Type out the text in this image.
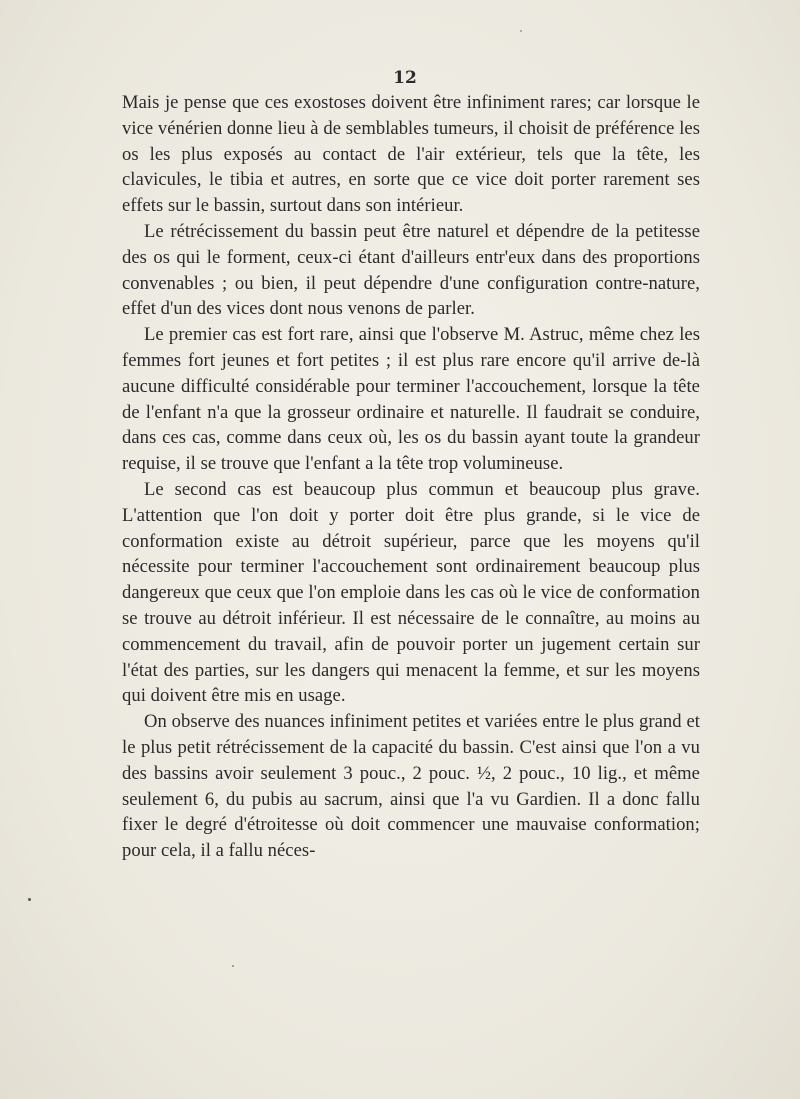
12

Mais je pense que ces exostoses doivent être infiniment rares; car lorsque le vice vénérien donne lieu à de semblables tumeurs, il choisit de préférence les os les plus exposés au contact de l'air extérieur, tels que la tête, les clavicules, le tibia et autres, en sorte que ce vice doit porter rarement ses effets sur le bassin, surtout dans son intérieur.

Le rétrécissement du bassin peut être naturel et dépendre de la petitesse des os qui le forment, ceux-ci étant d'ailleurs entr'eux dans des proportions convenables ; ou bien, il peut dépendre d'une configuration contre-nature, effet d'un des vices dont nous venons de parler.

Le premier cas est fort rare, ainsi que l'observe M. Astruc, même chez les femmes fort jeunes et fort petites ; il est plus rare encore qu'il arrive de-là aucune difficulté considérable pour terminer l'accouchement, lorsque la tête de l'enfant n'a que la grosseur ordinaire et naturelle. Il faudrait se conduire, dans ces cas, comme dans ceux où, les os du bassin ayant toute la grandeur requise, il se trouve que l'enfant a la tête trop volumineuse.

Le second cas est beaucoup plus commun et beaucoup plus grave. L'attention que l'on doit y porter doit être plus grande, si le vice de conformation existe au détroit supérieur, parce que les moyens qu'il nécessite pour terminer l'accouchement sont ordinairement beaucoup plus dangereux que ceux que l'on emploie dans les cas où le vice de conformation se trouve au détroit inférieur. Il est nécessaire de le connaître, au moins au commencement du travail, afin de pouvoir porter un jugement certain sur l'état des parties, sur les dangers qui menacent la femme, et sur les moyens qui doivent être mis en usage.

On observe des nuances infiniment petites et variées entre le plus grand et le plus petit rétrécissement de la capacité du bassin. C'est ainsi que l'on a vu des bassins avoir seulement 3 pouc., 2 pouc. ½, 2 pouc., 10 lig., et même seulement 6, du pubis au sacrum, ainsi que l'a vu Gardien. Il a donc fallu fixer le degré d'étroitesse où doit commencer une mauvaise conformation; pour cela, il a fallu néces-
